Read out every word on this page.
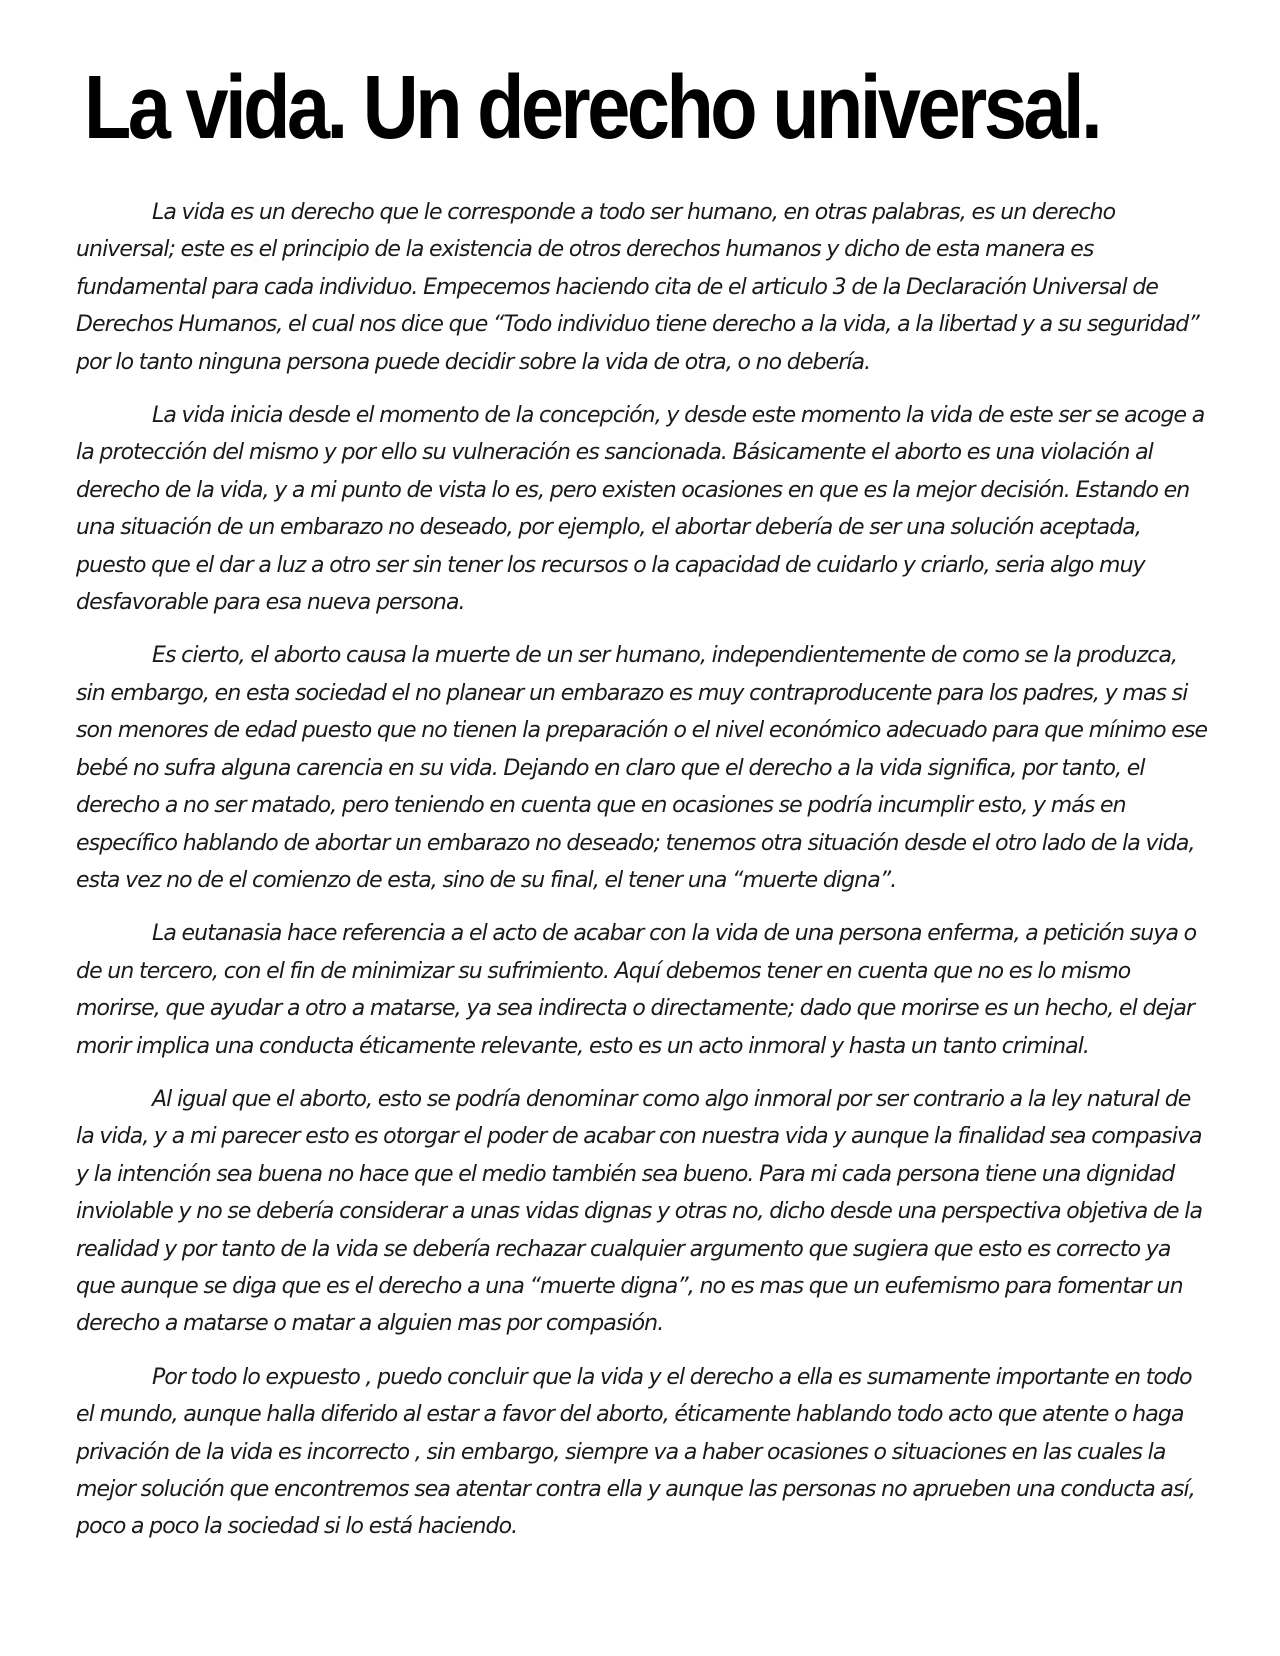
La vida. Un derecho universal.

La vida es un derecho que le corresponde a todo ser humano, en otras palabras, es un derecho universal; este es el principio de la existencia de otros derechos humanos y dicho de esta manera es fundamental para cada individuo. Empecemos haciendo cita de el articulo 3 de la Declaración Universal de Derechos Humanos, el cual nos dice que “Todo individuo tiene derecho a la vida, a la libertad y a su seguridad” por lo tanto ninguna persona puede decidir sobre la vida de otra, o no debería.

La vida inicia desde el momento de la concepción, y desde este momento la vida de este ser se acoge a la protección del mismo y por ello su vulneración es sancionada. Básicamente el aborto es una violación al derecho de la vida, y a mi punto de vista lo es, pero existen ocasiones en que es la mejor decisión. Estando en una situación de un embarazo no deseado, por ejemplo, el abortar debería de ser una solución aceptada, puesto que el dar a luz a otro ser sin tener los recursos o la capacidad de cuidarlo y criarlo, seria algo muy desfavorable para esa nueva persona.

Es cierto, el aborto causa la muerte de un ser humano, independientemente de como se la produzca, sin embargo, en esta sociedad el no planear un embarazo es muy contraproducente para los padres, y mas si son menores de edad puesto que no tienen la preparación o el nivel económico adecuado para que mínimo ese bebé no sufra alguna carencia en su vida. Dejando en claro que el derecho a la vida significa, por tanto, el derecho a no ser matado, pero teniendo en cuenta que en ocasiones se podría incumplir esto, y más en específico hablando de abortar un embarazo no deseado; tenemos otra situación desde el otro lado de la vida, esta vez no de el comienzo de esta, sino de su final, el tener una “muerte digna”.

La eutanasia hace referencia a el acto de acabar con la vida de una persona enferma, a petición suya o de un tercero, con el fin de minimizar su sufrimiento. Aquí debemos tener en cuenta que no es lo mismo morirse, que ayudar a otro a matarse, ya sea indirecta o directamente; dado que morirse es un hecho, el dejar morir implica una conducta éticamente relevante, esto es un acto inmoral y hasta un tanto criminal.

Al igual que el aborto, esto se podría denominar como algo inmoral por ser contrario a la ley natural de la vida, y a mi parecer esto es otorgar el poder de acabar con nuestra vida y aunque la finalidad sea compasiva y la intención sea buena no hace que el medio también sea bueno. Para mi cada persona tiene una dignidad inviolable y no se debería considerar a unas vidas dignas y otras no, dicho desde una perspectiva objetiva de la realidad y por tanto de la vida se debería rechazar cualquier argumento que sugiera que esto es correcto ya que aunque se diga que es el derecho a una “muerte digna”, no es mas que un eufemismo para fomentar un derecho a matarse o matar a alguien mas por compasión.

Por todo lo expuesto , puedo concluir que la vida y el derecho a ella es sumamente importante en todo el mundo, aunque halla diferido al estar a favor del aborto, éticamente hablando todo acto que atente o haga privación de la vida es incorrecto , sin embargo, siempre va a haber ocasiones o situaciones en las cuales la mejor solución que encontremos sea atentar contra ella y aunque las personas no aprueben una conducta así, poco a poco la sociedad si lo está haciendo.
